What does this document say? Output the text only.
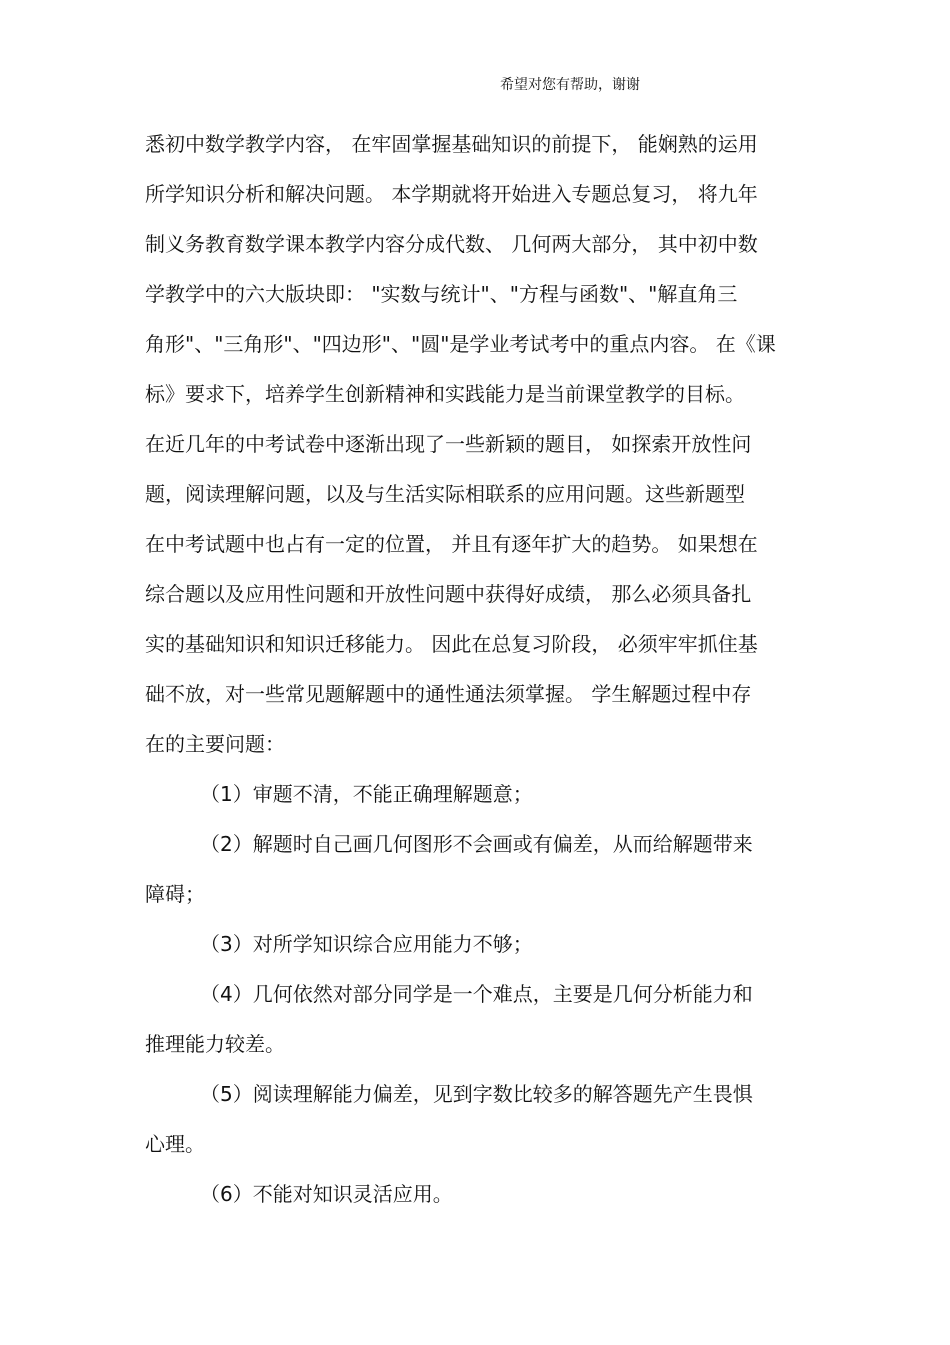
希望对您有帮助，谢谢
悉初中数学教学内容， 在牢固掌握基础知识的前提下， 能娴熟的运用
所学知识分析和解决问题。 本学期就将开始进入专题总复习， 将九年
制义务教育数学课本教学内容分成代数、 几何两大部分， 其中初中数
学教学中的六大版块即： "实数与统计"、"方程与函数"、"解直角三
角形"、"三角形"、"四边形"、"圆"是学业考试考中的重点内容。 在《课
标》要求下，培养学生创新精神和实践能力是当前课堂教学的目标。
在近几年的中考试卷中逐渐出现了一些新颖的题目， 如探索开放性问
题，阅读理解问题，以及与生活实际相联系的应用问题。这些新题型
在中考试题中也占有一定的位置， 并且有逐年扩大的趋势。 如果想在
综合题以及应用性问题和开放性问题中获得好成绩， 那么必须具备扎
实的基础知识和知识迁移能力。 因此在总复习阶段， 必须牢牢抓住基
础不放，对一些常见题解题中的通性通法须掌握。 学生解题过程中存
在的主要问题：
（1）审题不清，不能正确理解题意；
（2）解题时自己画几何图形不会画或有偏差，从而给解题带来
障碍；
（3）对所学知识综合应用能力不够；
（4）几何依然对部分同学是一个难点，主要是几何分析能力和
推理能力较差。
（5）阅读理解能力偏差，见到字数比较多的解答题先产生畏惧
心理。
（6）不能对知识灵活应用。
